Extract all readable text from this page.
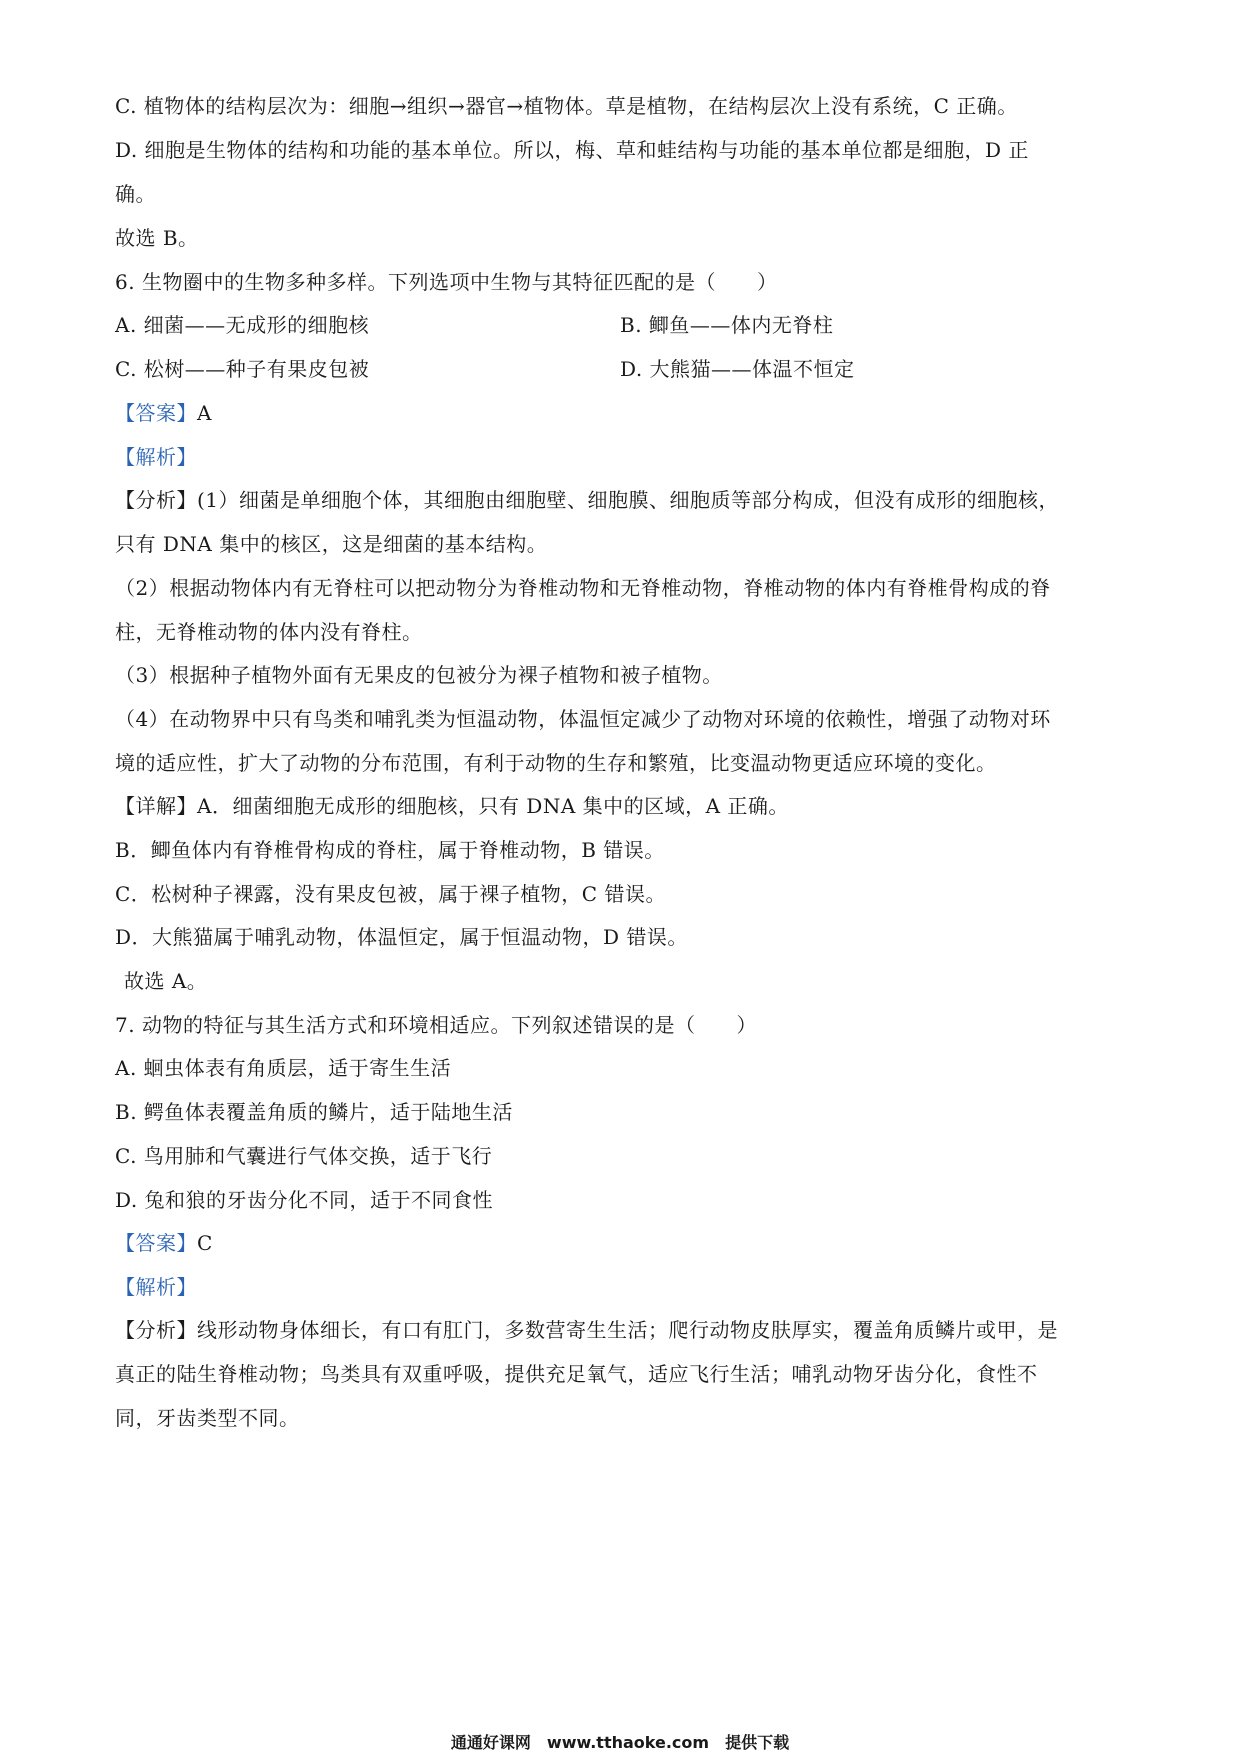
C. 植物体的结构层次为：细胞→组织→器官→植物体。草是植物，在结构层次上没有系统，C 正确。
D. 细胞是生物体的结构和功能的基本单位。所以，梅、草和蛙结构与功能的基本单位都是细胞，D 正
确。
故选 B。
6. 生物圈中的生物多种多样。下列选项中生物与其特征匹配的是（　　）
A. 细菌——无成形的细胞核	B. 鲫鱼——体内无脊柱
C. 松树——种子有果皮包被	D. 大熊猫——体温不恒定
【答案】A
【解析】
【分析】(1）细菌是单细胞个体，其细胞由细胞壁、细胞膜、细胞质等部分构成，但没有成形的细胞核，
只有 DNA 集中的核区，这是细菌的基本结构。
（2）根据动物体内有无脊柱可以把动物分为脊椎动物和无脊椎动物，脊椎动物的体内有脊椎骨构成的脊
柱，无脊椎动物的体内没有脊柱。
（3）根据种子植物外面有无果皮的包被分为裸子植物和被子植物。
（4）在动物界中只有鸟类和哺乳类为恒温动物，体温恒定减少了动物对环境的依赖性，增强了动物对环
境的适应性，扩大了动物的分布范围，有利于动物的生存和繁殖，比变温动物更适应环境的变化。
【详解】A．细菌细胞无成形的细胞核，只有 DNA 集中的区域，A 正确。
B．鲫鱼体内有脊椎骨构成的脊柱，属于脊椎动物，B 错误。
C．松树种子裸露，没有果皮包被，属于裸子植物，C 错误。
D．大熊猫属于哺乳动物，体温恒定，属于恒温动物，D 错误。
故选 A。
7. 动物的特征与其生活方式和环境相适应。下列叙述错误的是（　　）
A. 蛔虫体表有角质层，适于寄生生活
B. 鳄鱼体表覆盖角质的鳞片，适于陆地生活
C. 鸟用肺和气囊进行气体交换，适于飞行
D. 兔和狼的牙齿分化不同，适于不同食性
【答案】C
【解析】
【分析】线形动物身体细长，有口有肛门，多数营寄生生活；爬行动物皮肤厚实，覆盖角质鳞片或甲，是
真正的陆生脊椎动物；鸟类具有双重呼吸，提供充足氧气，适应飞行生活；哺乳动物牙齿分化，食性不
同，牙齿类型不同。
通通好课网　www.tthaoke.com　提供下载
